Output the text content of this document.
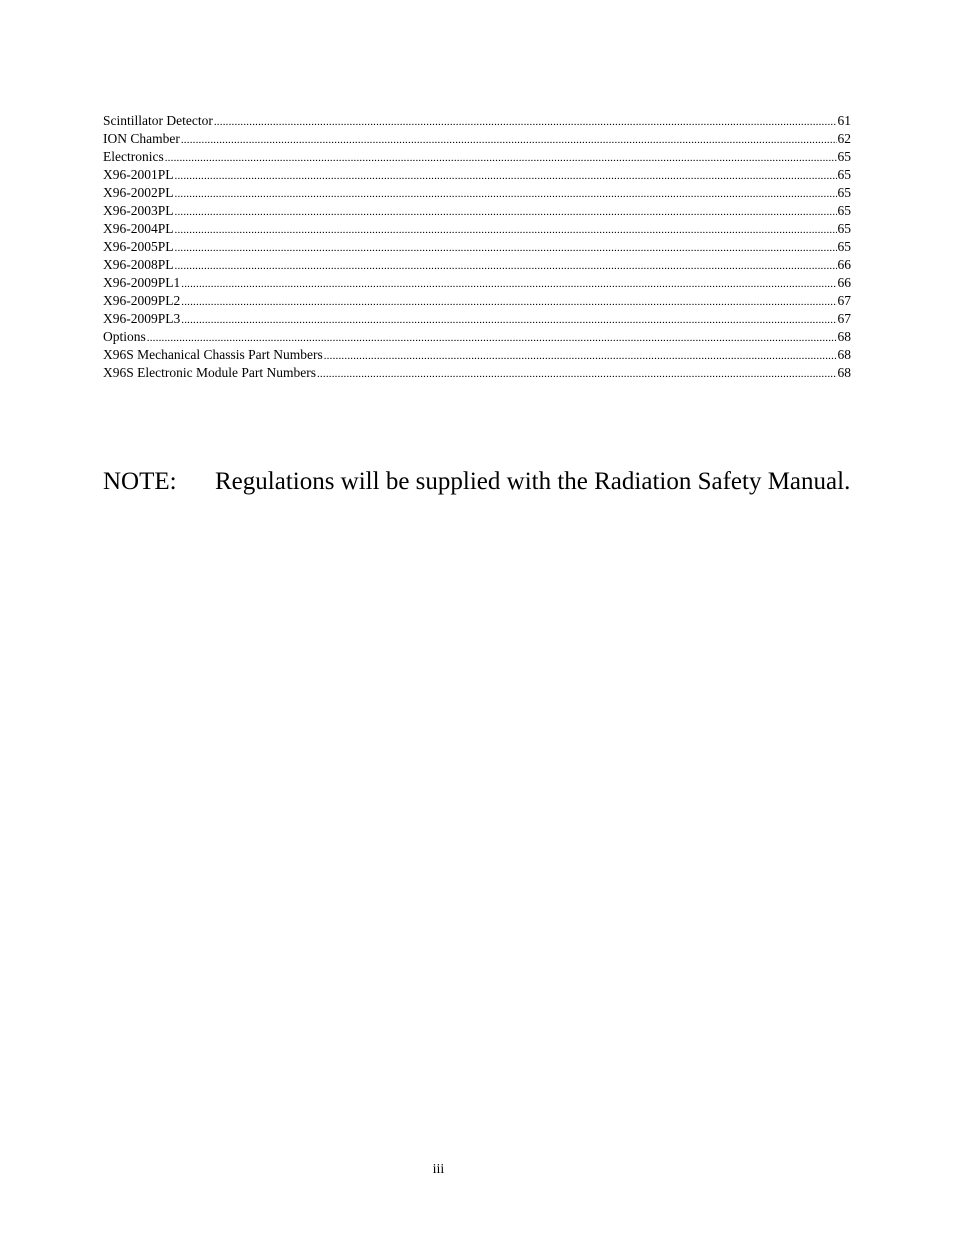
Scintillator Detector .....	61
ION Chamber .....	62
Electronics .....	65
X96-2001PL .....	65
X96-2002PL .....	65
X96-2003PL .....	65
X96-2004PL .....	65
X96-2005PL .....	65
X96-2008PL .....	66
X96-2009PL1 .....	66
X96-2009PL2 .....	67
X96-2009PL3 .....	67
Options .....	68
X96S Mechanical Chassis Part Numbers .....	68
X96S Electronic Module Part Numbers .....	68
NOTE: Regulations will be supplied with the Radiation Safety Manual.
iii
